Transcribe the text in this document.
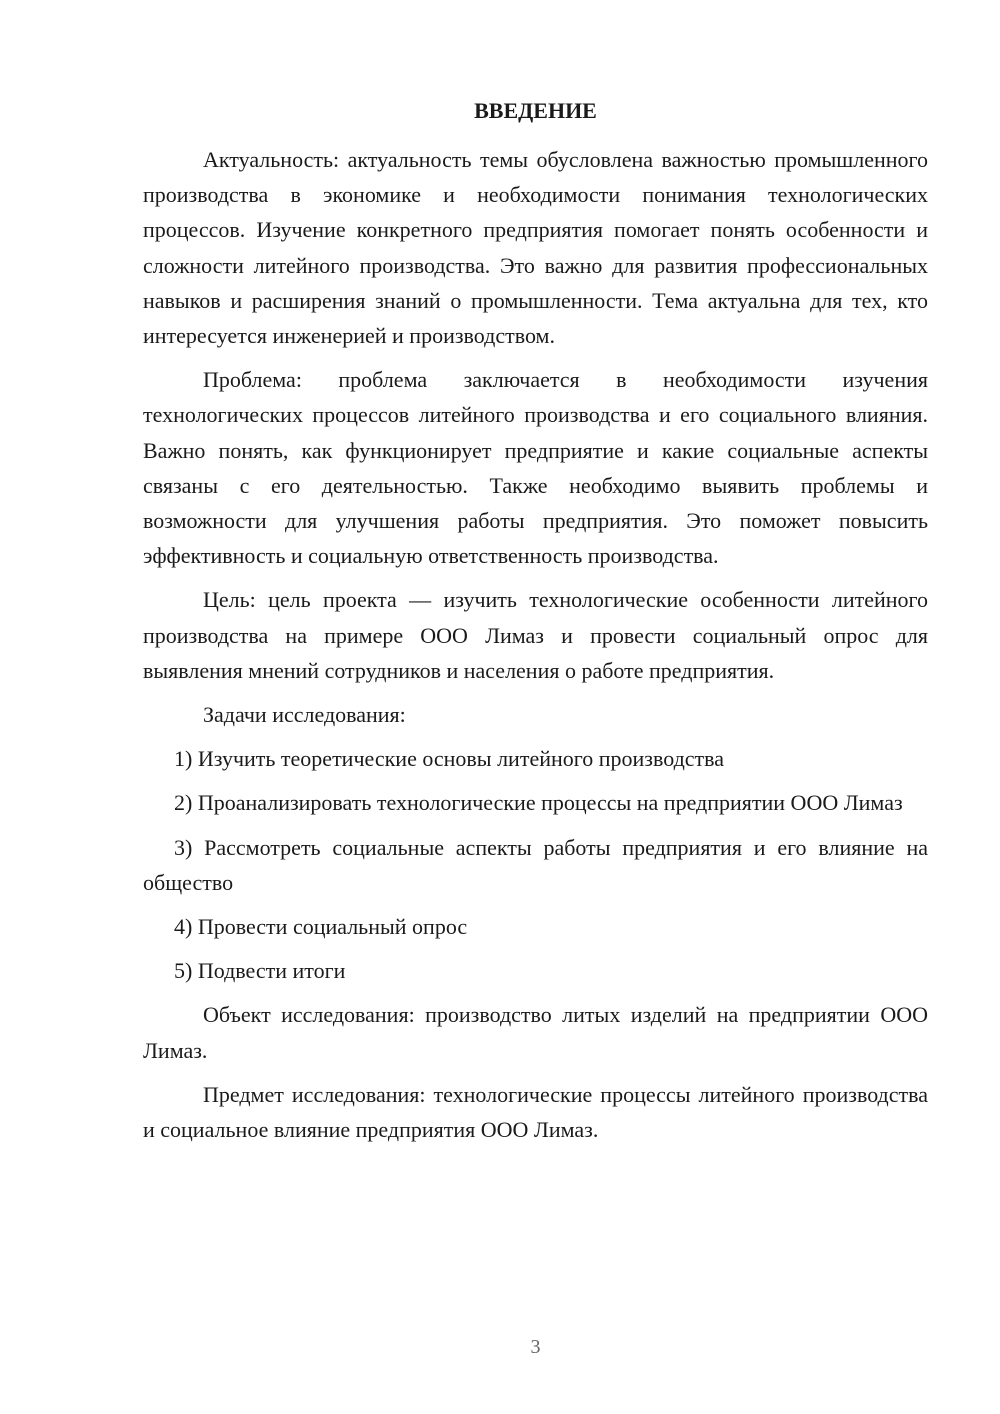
ВВЕДЕНИЕ

Актуальность: актуальность темы обусловлена важностью промышленного производства в экономике и необходимости понимания технологических процессов. Изучение конкретного предприятия помогает понять особенности и сложности литейного производства. Это важно для развития профессиональных навыков и расширения знаний о промышленности. Тема актуальна для тех, кто интересуется инженерией и производством.

Проблема: проблема заключается в необходимости изучения технологических процессов литейного производства и его социального влияния. Важно понять, как функционирует предприятие и какие социальные аспекты связаны с его деятельностью. Также необходимо выявить проблемы и возможности для улучшения работы предприятия. Это поможет повысить эффективность и социальную ответственность производства.

Цель: цель проекта — изучить технологические особенности литейного производства на примере ООО Лимаз и провести социальный опрос для выявления мнений сотрудников и населения о работе предприятия.

Задачи исследования:

1) Изучить теоретические основы литейного производства

2) Проанализировать технологические процессы на предприятии ООО Лимаз

3) Рассмотреть социальные аспекты работы предприятия и его влияние на общество

4) Провести социальный опрос

5) Подвести итоги

Объект исследования: производство литых изделий на предприятии ООО Лимаз.

Предмет исследования: технологические процессы литейного производства и социальное влияние предприятия ООО Лимаз.

3
